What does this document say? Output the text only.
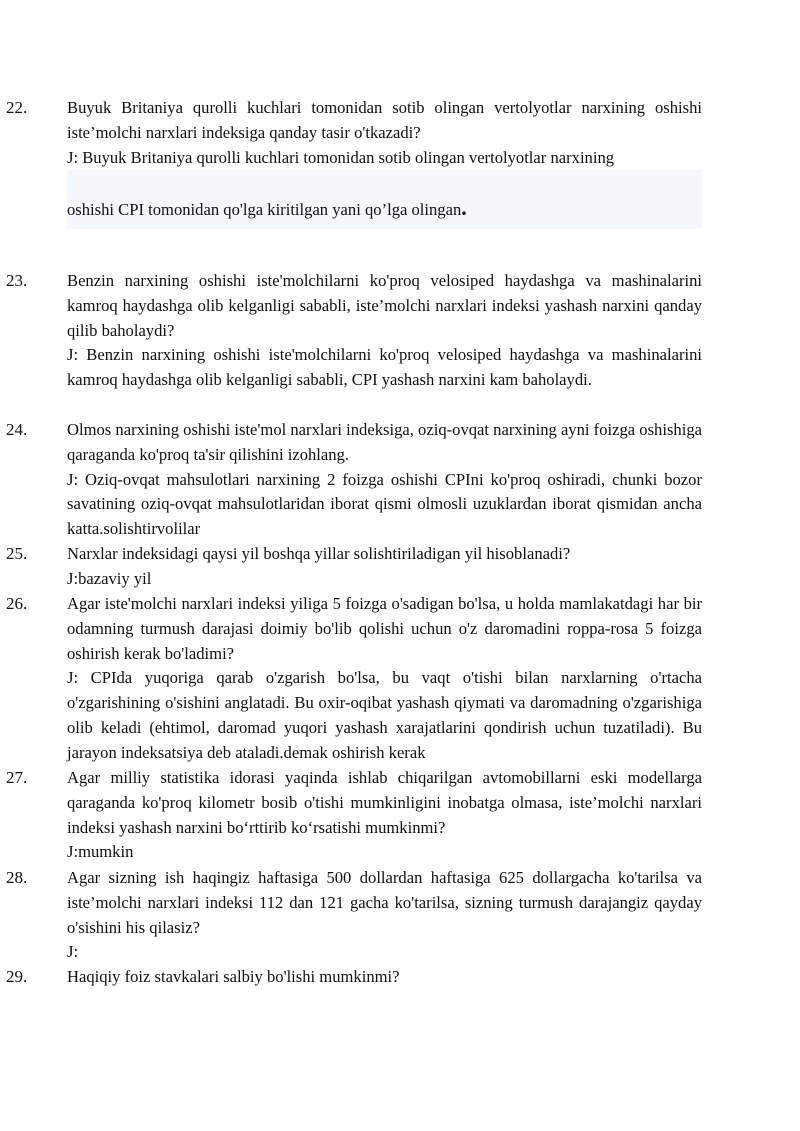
22. Buyuk Britaniya qurolli kuchlari tomonidan sotib olingan vertolyotlar narxining oshishi iste’molchi narxlari indeksiga qanday tasir o'tkazadi?

J: Buyuk Britaniya qurolli kuchlari tomonidan sotib olingan vertolyotlar narxining

oshishi CPI tomonidan qo'lga kiritilgan yani qo’lga olingan.
23. Benzin narxining oshishi iste'molchilarni ko'proq velosiped haydashga va mashinalarini kamroq haydashga olib kelganligi sababli, iste’molchi narxlari indeksi yashash narxini qanday qilib baholaydi?

J: Benzin narxining oshishi iste'molchilarni ko'proq velosiped haydashga va mashinalarini kamroq haydashga olib kelganligi sababli, CPI yashash narxini kam baholaydi.

24. Olmos narxining oshishi iste'mol narxlari indeksiga, oziq-ovqat narxining ayni foizga oshishiga qaraganda ko'proq ta'sir qilishini izohlang.

J: Oziq-ovqat mahsulotlari narxining 2 foizga oshishi CPIni ko'proq oshiradi, chunki bozor savatining oziq-ovqat mahsulotlaridan iborat qismi olmosli uzuklardan iborat qismidan ancha katta.solishtirvolilar

25. Narxlar indeksidagi qaysi yil boshqa yillar solishtiriladigan yil hisoblanadi?

J:bazaviy yil

26. Agar iste'molchi narxlari indeksi yiliga 5 foizga o'sadigan bo'lsa, u holda mamlakatdagi har bir odamning turmush darajasi doimiy bo'lib qolishi uchun o'z daromadini roppa-rosa 5 foizga oshirish kerak bo'ladimi?

J: CPIda yuqoriga qarab o'zgarish bo'lsa, bu vaqt o'tishi bilan narxlarning o'rtacha o'zgarishining o'sishini anglatadi. Bu oxir-oqibat yashash qiymati va daromadning o'zgarishiga olib keladi (ehtimol, daromad yuqori yashash xarajatlarini qondirish uchun tuzatiladi). Bu jarayon indeksatsiya deb ataladi.demak oshirish kerak

27. Agar milliy statistika idorasi yaqinda ishlab chiqarilgan avtomobillarni eski modellarga qaraganda ko'proq kilometr bosib o'tishi mumkinligini inobatga olmasa, iste’molchi narxlari indeksi yashash narxini bo‘rttirib ko‘rsatishi mumkinmi?

J:mumkin

28. Agar sizning ish haqingiz haftasiga 500 dollardan haftasiga 625 dollargacha ko'tarilsa va iste’molchi narxlari indeksi 112 dan 121 gacha ko'tarilsa, sizning turmush darajangiz qayday o'sishini his qilasiz?

J:

29. Haqiqiy foiz stavkalari salbiy bo'lishi mumkinmi?
